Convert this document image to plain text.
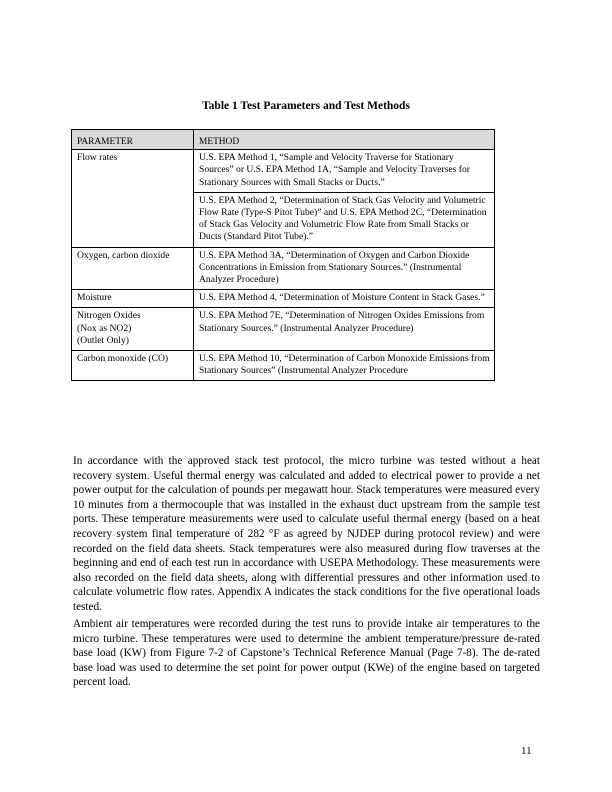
Table 1 Test Parameters and Test Methods
PARAMETER	METHOD

Flow rates	U.S. EPA Method 1, “Sample and Velocity Traverse for Stationary Sources” or U.S. EPA Method 1A, “Sample and Velocity Traverses for Stationary Sources with Small Stacks or Ducts.”
	U.S. EPA Method 2, “Determination of Stack Gas Velocity and Volumetric Flow Rate (Type-S Pitot Tube)” and U.S. EPA Method 2C, “Determination of Stack Gas Velocity and Volumetric Flow Rate from Small Stacks or Ducts (Standard Pitot Tube).”

Oxygen, carbon dioxide	U.S. EPA Method 3A, “Determination of Oxygen and Carbon Dioxide Concentrations in Emission from Stationary Sources.” (Instrumental Analyzer Procedure)

Moisture	U.S. EPA Method 4, “Determination of Moisture Content in Stack Gases.”

Nitrogen Oxides
(Nox as NO2)
(Outlet Only)	U.S. EPA Method 7E, “Determination of Nitrogen Oxides Emissions from Stationary Sources.” (Instrumental Analyzer Procedure)

Carbon monoxide (CO)	U.S. EPA Method 10, “Determination of Carbon Monoxide Emissions from Stationary Sources” (Instrumental Analyzer Procedure

In accordance with the approved stack test protocol, the micro turbine was tested without a heat recovery system. Useful thermal energy was calculated and added to electrical power to provide a net power output for the calculation of pounds per megawatt hour. Stack temperatures were measured every 10 minutes from a thermocouple that was installed in the exhaust duct upstream from the sample test ports. These temperature measurements were used to calculate useful thermal energy (based on a heat recovery system final temperature of 282 °F as agreed by NJDEP during protocol review) and were recorded on the field data sheets. Stack temperatures were also measured during flow traverses at the beginning and end of each test run in accordance with USEPA Methodology. These measurements were also recorded on the field data sheets, along with differential pressures and other information used to calculate volumetric flow rates. Appendix A indicates the stack conditions for the five operational loads tested.

Ambient air temperatures were recorded during the test runs to provide intake air temperatures to the micro turbine. These temperatures were used to determine the ambient temperature/pressure de-rated base load (KW) from Figure 7-2 of Capstone’s Technical Reference Manual (Page 7-8). The de-rated base load was used to determine the set point for power output (KWe) of the engine based on targeted percent load.

11
